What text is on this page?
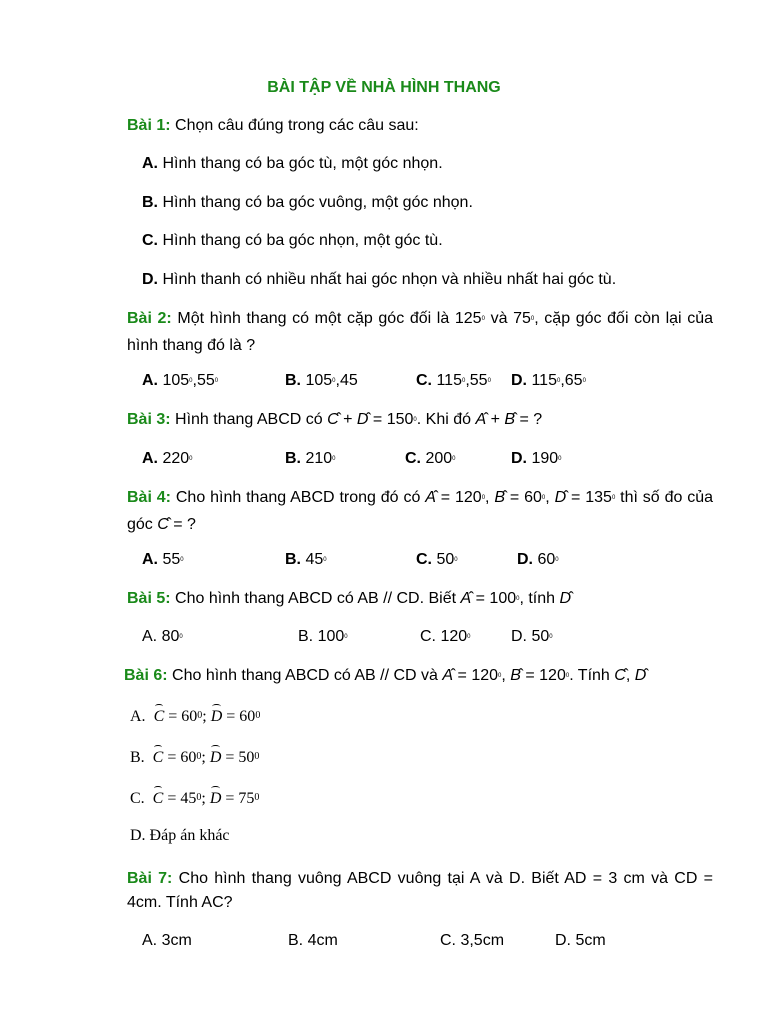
BÀI TẬP VỀ NHÀ HÌNH THANG
Bài 1: Chọn câu đúng trong các câu sau:
A. Hình thang có ba góc tù, một góc nhọn.
B. Hình thang có ba góc vuông, một góc nhọn.
C. Hình thang có ba góc nhọn, một góc tù.
D. Hình thanh có nhiều nhất hai góc nhọn và nhiều nhất hai góc tù.
Bài 2: Một hình thang có một cặp góc đối là $125^0$ và $75^0$, cặp góc đối còn lại của hình thang đó là ?
A. $105^0,55^0$	B. $105^0,45$	C. $115^0,55^0$ D. $115^0,65^0$
Bài 3: Hình thang ABCD có $C + D = 150^0$. Khi đó A + B = ?
A. $220^0$	B. $210^0$	C. $200^0$	D. $190^0$
Bài 4: Cho hình thang ABCD trong đó có $A = 120^0$, $B = 60^0$, $D = 135^0$ thì số đo của góc C = ?
A. $55^0$	B. $45^0$	C. $50^0$	D. $60^0$
Bài 5: Cho hình thang ABCD có AB // CD. Biết $A = 100^0$, tính D
A. $80^0$	B. $100^0$	C. $120^0$	D. $50^0$
Bài 6: Cho hình thang ABCD có AB // CD và $A = 120^0$, $B = 120^0$. Tính C, D
A. $C = 60^0$; $D = 60^0$
B. $C = 60^0$; $D = 50^0$
C. $C = 45^0$; $D = 75^0$
D. Đáp án khác
Bài 7: Cho hình thang vuông ABCD vuông tại A và D. Biết AD = 3 cm và CD = 4cm. Tính AC?
A. 3cm	B. 4cm	C. 3,5cm	D. 5cm
